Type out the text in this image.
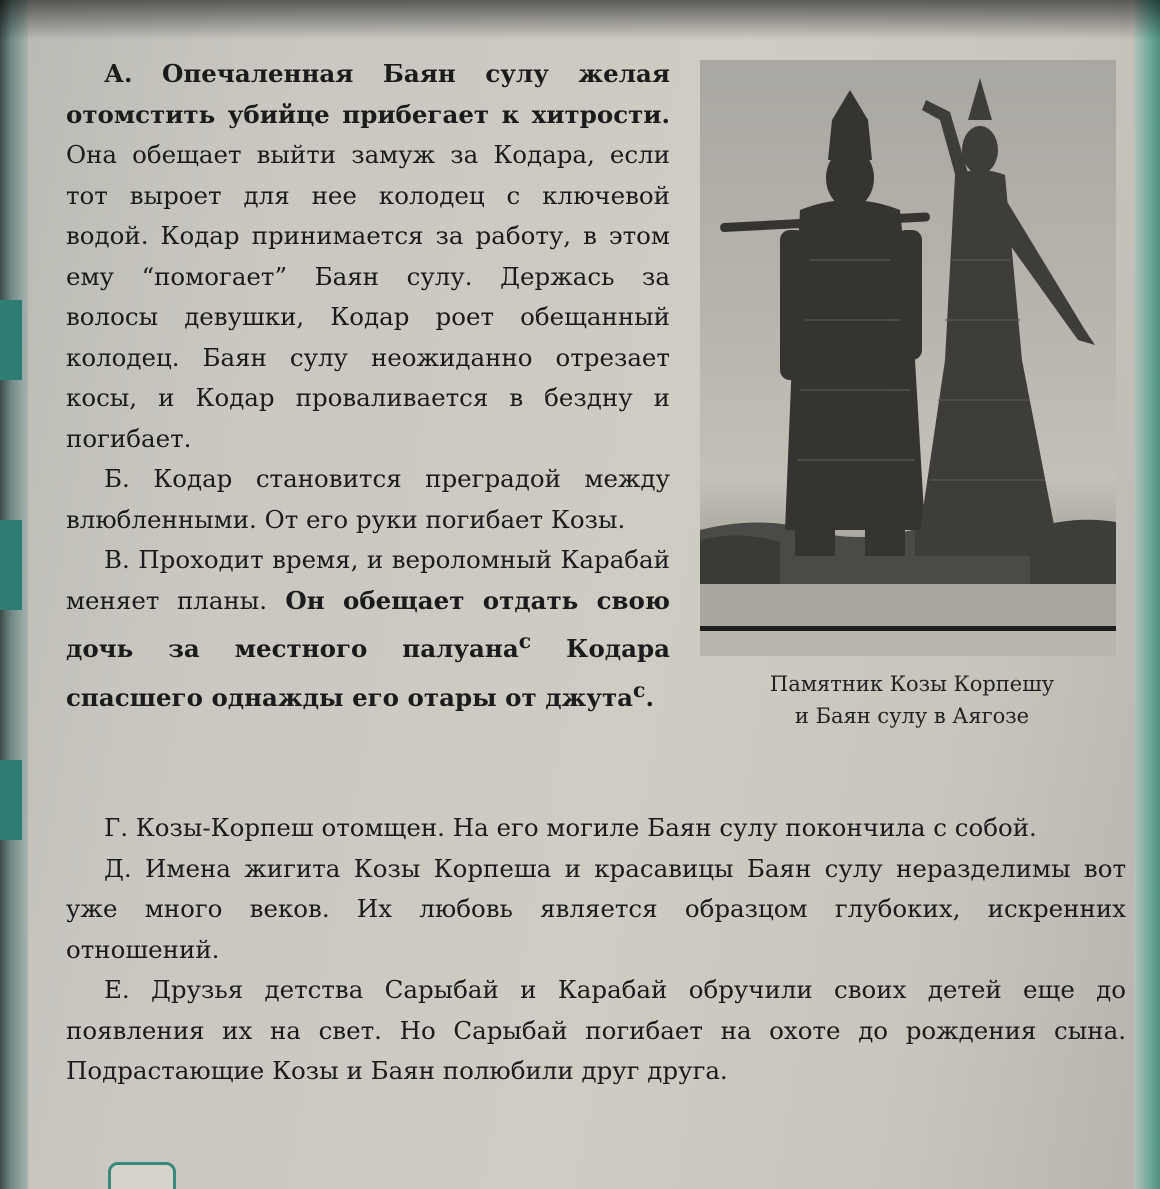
А. Опечаленная Баян сулу желая отомстить убийце прибегает к хитрости. Она обещает выйти замуж за Кодара, если тот выроет для нее колодец с ключевой водой. Кодар принимается за работу, в этом ему “помогает” Баян сулу. Держась за волосы девушки, Кодар роет обещанный колодец. Баян сулу неожиданно отрезает косы, и Кодар проваливается в бездну и погибает.

Б. Кодар становится преградой между влюбленными. От его руки погибает Козы.

В. Проходит время, и вероломный Карабай меняет планы. Он обещает отдать свою дочь за местного палуана$^c$ Кодара спасшего однажды его отары от джута$^c$.	Памятник Козы Корпешу
и Баян сулу в Аягозе

Г. Козы-Корпеш отомщен. На его могиле Баян сулу покончила с собой.

Д. Имена жигита Козы Корпеша и красавицы Баян сулу неразделимы вот уже много веков. Их любовь является образцом глубоких, искренних отношений.

Е. Друзья детства Сарыбай и Карабай обручили своих детей еще до появления их на свет. Но Сарыбай погибает на охоте до рождения сына. Подрастающие Козы и Баян полюбили друг друга.
